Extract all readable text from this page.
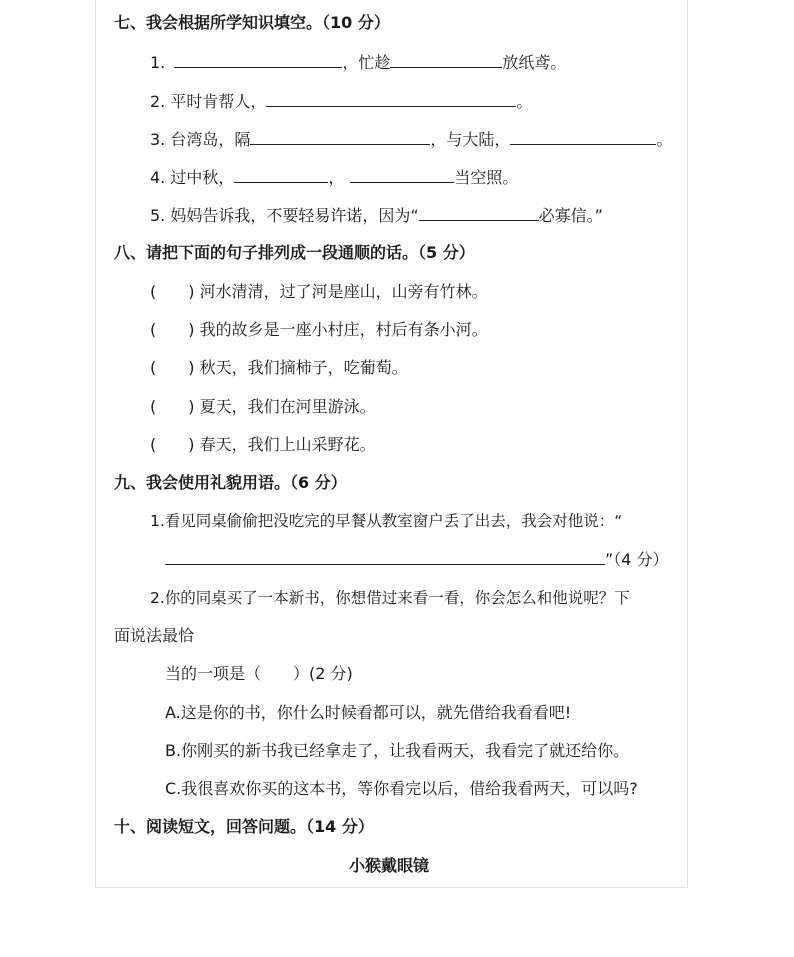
七、我会根据所学知识填空。（10 分）
1.	，忙趁	放纸鸢。
2. 平时肯帮人，	。
3. 台湾岛，隔	，与大陆，	。
4. 过中秋，	，	当空照。
5. 妈妈告诉我，不要轻易许诺，因为“	必寡信。”
八、请把下面的句子排列成一段通顺的话。（5 分）
(　　) 河水清清，过了河是座山，山旁有竹林。
(　　) 我的故乡是一座小村庄，村后有条小河。
(　　) 秋天，我们摘柿子，吃葡萄。
(　　) 夏天，我们在河里游泳。
(　　) 春天，我们上山采野花。
九、我会使用礼貌用语。（6 分）
1.看见同桌偷偷把没吃完的早餐从教室窗户丢了出去，我会对他说：“
”（4 分）
2.你的同桌买了一本新书，你想借过来看一看，你会怎么和他说呢？下
面说法最恰
当的一项是（　　）(2 分)
A.这是你的书，你什么时候看都可以，就先借给我看看吧!
B.你刚买的新书我已经拿走了，让我看两天，我看完了就还给你。
C.我很喜欢你买的这本书，等你看完以后，借给我看两天，可以吗?
十、阅读短文，回答问题。（14 分）
小猴戴眼镜
